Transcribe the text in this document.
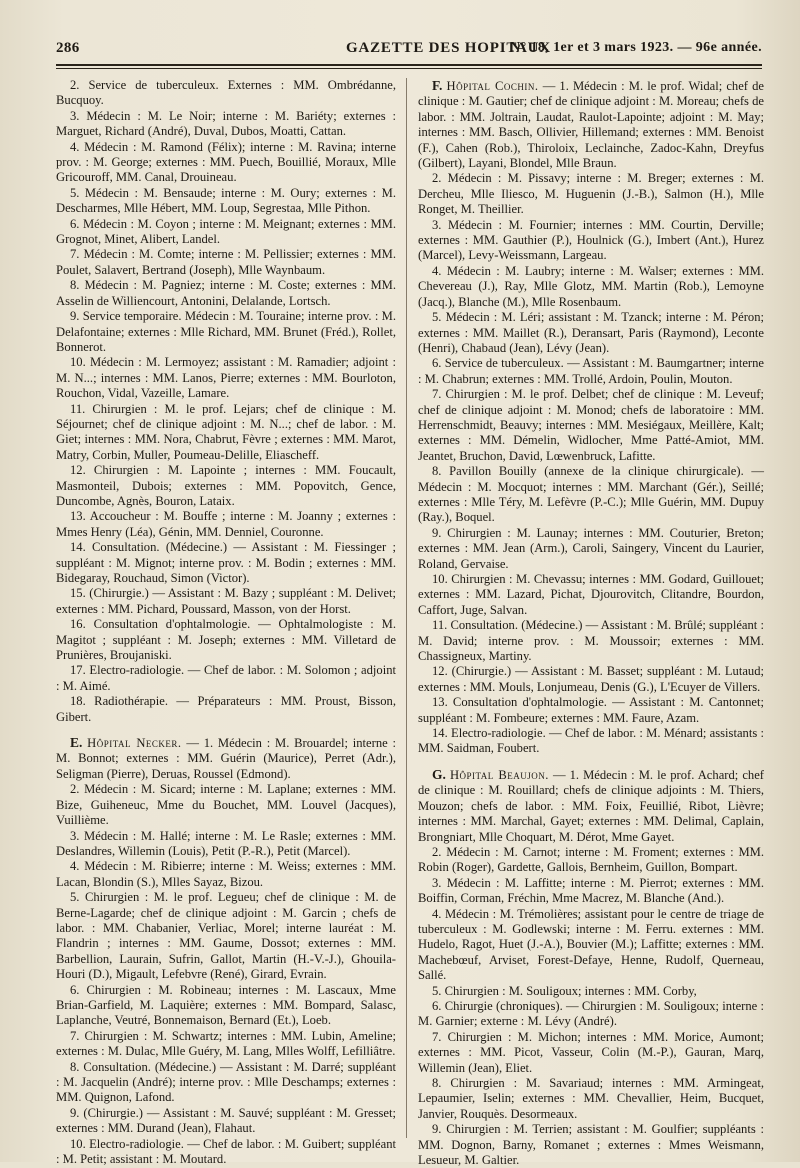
286	GAZETTE DES HOPITAUX
N° 18, 1er et 3 mars 1923. — 96e année.

2. Service de tuberculeux. Externes : MM. Ombrédanne, Bucquoy.

3. Médecin : M. Le Noir; interne : M. Bariéty; externes : Marguet, Richard (André), Duval, Dubos, Moatti, Cattan.

4. Médecin : M. Ramond (Félix); interne : M. Ravina; interne prov. : M. George; externes : MM. Puech, Bouillié, Moraux, Mlle Gricouroff, MM. Canal, Drouineau.

5. Médecin : M. Bensaude; interne : M. Oury; externes : M. Descharmes, Mlle Hébert, MM. Loup, Segrestaa, Mlle Pithon.

6. Médecin : M. Coyon ; interne : M. Meignant; externes : MM. Grognot, Minet, Alibert, Landel.

7. Médecin : M. Comte; interne : M. Pellissier; externes : MM. Poulet, Salavert, Bertrand (Joseph), Mlle Waynbaum.

8. Médecin : M. Pagniez; interne : M. Coste; externes : MM. Asselin de Williencourt, Antonini, Delalande, Lortsch.

9. Service temporaire. Médecin : M. Touraine; interne prov. : M. Delafontaine; externes : Mlle Richard, MM. Brunet (Fréd.), Rollet, Bonnerot.

10. Médecin : M. Lermoyez; assistant : M. Ramadier; adjoint : M. N...; internes : MM. Lanos, Pierre; externes : MM. Bourloton, Rouchon, Vidal, Vazeille, Lamare.

11. Chirurgien : M. le prof. Lejars; chef de clinique : M. Séjournet; chef de clinique adjoint : M. N...; chef de labor. : M. Giet; internes : MM. Nora, Chabrut, Fèvre ; externes : MM. Marot, Matry, Corbin, Muller, Poumeau-Delille, Eliascheff.

12. Chirurgien : M. Lapointe ; internes : MM. Foucault, Masmonteil, Dubois; externes : MM. Popovitch, Gence, Duncombe, Agnès, Bouron, Lataix.

13. Accoucheur : M. Bouffe ; interne : M. Joanny ; externes : Mmes Henry (Léa), Génin, MM. Denniel, Couronne.

14. Consultation. (Médecine.) — Assistant : M. Fiessinger ; suppléant : M. Mignot; interne prov. : M. Bodin ; externes : MM. Bidegaray, Rouchaud, Simon (Victor).

15. (Chirurgie.) — Assistant : M. Bazy ; suppléant : M. Delivet; externes : MM. Pichard, Poussard, Masson, von der Horst.

16. Consultation d'ophtalmologie. — Ophtalmologiste : M. Magitot ; suppléant : M. Joseph; externes : MM. Villetard de Prunières, Broujaniski.

17. Electro-radiologie. — Chef de labor. : M. Solomon ; adjoint : M. Aimé.

18. Radiothérapie. — Préparateurs : MM. Proust, Bisson, Gibert.

E. Hôpital Necker. — 1. Médecin : M. Brouardel; interne : M. Bonnot; externes : MM. Guérin (Maurice), Perret (Adr.), Seligman (Pierre), Deruas, Roussel (Edmond).

2. Médecin : M. Sicard; interne : M. Laplane; externes : MM. Bize, Guiheneuc, Mme du Bouchet, MM. Louvel (Jacques), Vuillième.

3. Médecin : M. Hallé; interne : M. Le Rasle; externes : MM. Deslandres, Willemin (Louis), Petit (P.-R.), Petit (Marcel).

4. Médecin : M. Ribierre; interne : M. Weiss; externes : MM. Lacan, Blondin (S.), Mlles Sayaz, Bizou.

5. Chirurgien : M. le prof. Legueu; chef de clinique : M. de Berne-Lagarde; chef de clinique adjoint : M. Garcin ; chefs de labor. : MM. Chabanier, Verliac, Morel; interne lauréat : M. Flandrin ; internes : MM. Gaume, Dossot; externes : MM. Barbellion, Laurain, Sufrin, Gallot, Martin (H.-V.-J.), Ghouila-Houri (D.), Migault, Lefebvre (René), Girard, Evrain.

6. Chirurgien : M. Robineau; internes : M. Lascaux, Mme Brian-Garfield, M. Laquière; externes : MM. Bompard, Salasc, Laplanche, Veutré, Bonnemaison, Bernard (Et.), Loeb.

7. Chirurgien : M. Schwartz; internes : MM. Lubin, Ameline; externes : M. Dulac, Mlle Guéry, M. Lang, Mlles Wolff, Lefilliâtre.

8. Consultation. (Médecine.) — Assistant : M. Darré; suppléant : M. Jacquelin (André); interne prov. : Mlle Deschamps; externes : MM. Quignon, Lafond.

9. (Chirurgie.) — Assistant : M. Sauvé; suppléant : M. Gresset; externes : MM. Durand (Jean), Flahaut.

10. Electro-radiologie. — Chef de labor. : M. Guibert; suppléant : M. Petit; assistant : M. Moutard.

F. Hôpital Cochin. — 1. Médecin : M. le prof. Widal; chef de clinique : M. Gautier; chef de clinique adjoint : M. Moreau; chefs de labor. : MM. Joltrain, Laudat, Raulot-Lapointe; adjoint : M. May; internes : MM. Basch, Ollivier, Hillemand; externes : MM. Benoist (F.), Cahen (Rob.), Thiroloix, Leclainche, Zadoc-Kahn, Dreyfus (Gilbert), Layani, Blondel, Mlle Braun.

2. Médecin : M. Pissavy; interne : M. Breger; externes : M. Dercheu, Mlle Iliesco, M. Huguenin (J.-B.), Salmon (H.), Mlle Ronget, M. Theillier.

3. Médecin : M. Fournier; internes : MM. Courtin, Derville; externes : MM. Gauthier (P.), Houlnick (G.), Imbert (Ant.), Hurez (Marcel), Levy-Weissmann, Largeau.

4. Médecin : M. Laubry; interne : M. Walser; externes : MM. Chevereau (J.), Ray, Mlle Glotz, MM. Martin (Rob.), Lemoyne (Jacq.), Blanche (M.), Mlle Rosenbaum.

5. Médecin : M. Léri; assistant : M. Tzanck; interne : M. Péron; externes : MM. Maillet (R.), Deransart, Paris (Raymond), Leconte (Henri), Chabaud (Jean), Lévy (Jean).

6. Service de tuberculeux. — Assistant : M. Baumgartner; interne : M. Chabrun; externes : MM. Trollé, Ardoin, Poulin, Mouton.

7. Chirurgien : M. le prof. Delbet; chef de clinique : M. Leveuf; chef de clinique adjoint : M. Monod; chefs de laboratoire : MM. Herrenschmidt, Beauvy; internes : MM. Mesiégaux, Meillère, Kalt; externes : MM. Démelin, Widlocher, Mme Patté-Amiot, MM. Jeantet, Bruchon, David, Lœwenbruck, Lafitte.

8. Pavillon Bouilly (annexe de la clinique chirurgicale). — Médecin : M. Mocquot; internes : MM. Marchant (Gér.), Seillé; externes : Mlle Téry, M. Lefèvre (P.-C.); Mlle Guérin, MM. Dupuy (Ray.), Boquel.

9. Chirurgien : M. Launay; internes : MM. Couturier, Breton; externes : MM. Jean (Arm.), Caroli, Saingery, Vincent du Laurier, Roland, Gervaise.

10. Chirurgien : M. Chevassu; internes : MM. Godard, Guillouet; externes : MM. Lazard, Pichat, Djourovitch, Clitandre, Bourdon, Caffort, Juge, Salvan.

11. Consultation. (Médecine.) — Assistant : M. Brûlé; suppléant : M. David; interne prov. : M. Moussoir; externes : MM. Chassigneux, Martiny.

12. (Chirurgie.) — Assistant : M. Basset; suppléant : M. Lutaud; externes : MM. Mouls, Lonjumeau, Denis (G.), L'Ecuyer de Villers.

13. Consultation d'ophtalmologie. — Assistant : M. Cantonnet; suppléant : M. Fombeure; externes : MM. Faure, Azam.

14. Electro-radiologie. — Chef de labor. : M. Ménard; assistants : MM. Saidman, Foubert.

G. Hôpital Beaujon. — 1. Médecin : M. le prof. Achard; chef de clinique : M. Rouillard; chefs de clinique adjoints : M. Thiers, Mouzon; chefs de labor. : MM. Foix, Feuillié, Ribot, Lièvre; internes : MM. Marchal, Gayet; externes : MM. Delimal, Caplain, Brongniart, Mlle Choquart, M. Dérot, Mme Gayet.

2. Médecin : M. Carnot; interne : M. Froment; externes : MM. Robin (Roger), Gardette, Gallois, Bernheim, Guillon, Bompart.

3. Médecin : M. Laffitte; interne : M. Pierrot; externes : MM. Boiffin, Corman, Fréchin, Mme Macrez, M. Blanche (And.).

4. Médecin : M. Trémolières; assistant pour le centre de triage de tuberculeux : M. Godlewski; interne : M. Ferru. externes : MM. Hudelo, Ragot, Huet (J.-A.), Bouvier (M.); Laffitte; externes : MM. Machebœuf, Arviset, Forest-Defaye, Henne, Rudolf, Querneau, Sallé.

5. Chirurgien : M. Souligoux; internes : MM. Corby,

6. Chirurgie (chroniques). — Chirurgien : M. Souligoux; interne : M. Garnier; externe : M. Lévy (André).

7. Chirurgien : M. Michon; internes : MM. Morice, Aumont; externes : MM. Picot, Vasseur, Colin (M.-P.), Gauran, Marq, Willemin (Jean), Eliet.

8. Chirurgien : M. Savariaud; internes : MM. Armingeat, Lepaumier, Iselin; externes : MM. Chevallier, Heim, Bucquet, Janvier, Rouquès. Desormeaux.

9. Chirurgien : M. Terrien; assistant : M. Goulfier; suppléants : MM. Dognon, Barny, Romanet ; externes : Mmes Weismann, Lesueur, M. Galtier.
